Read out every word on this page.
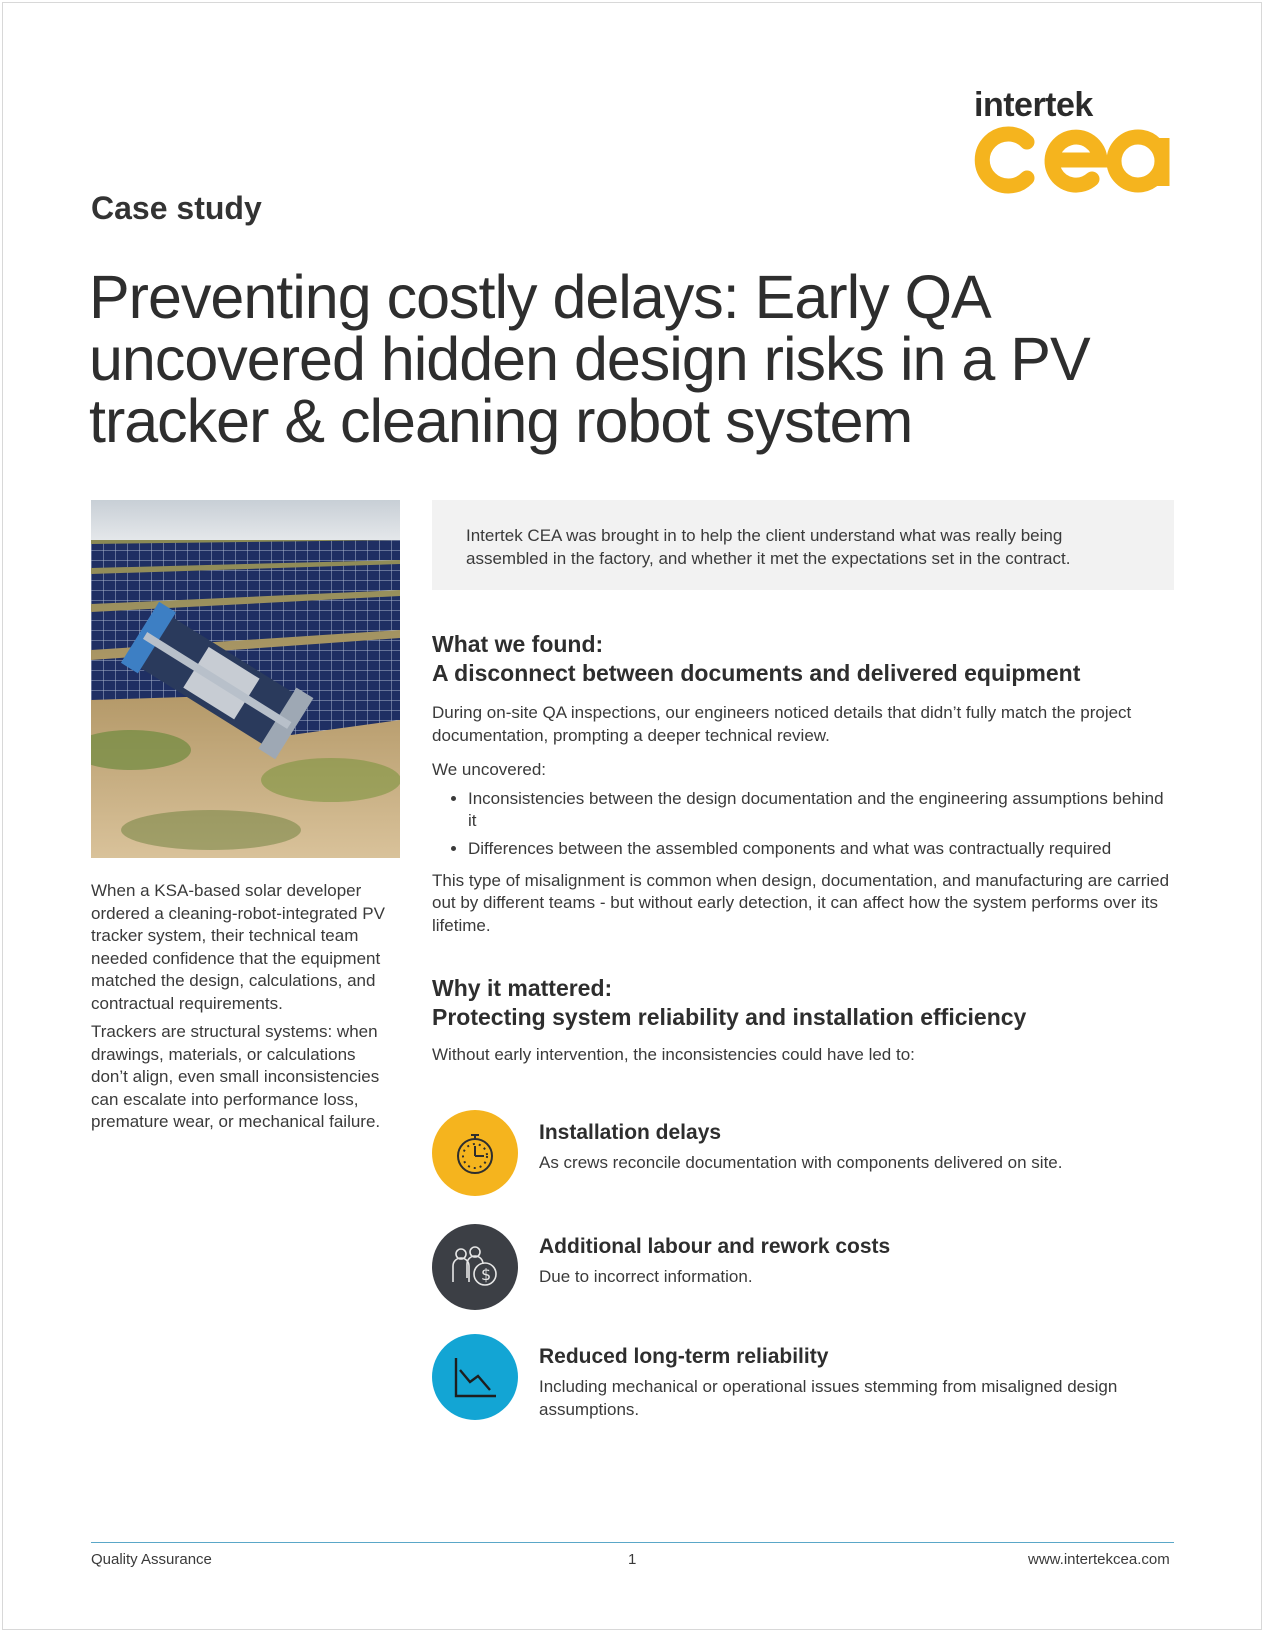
intertek
Case study
Preventing costly delays: Early QA uncovered hidden design risks in a PV tracker & cleaning robot system

When a KSA-based solar developer ordered a cleaning-robot-integrated PV tracker system, their technical team needed confidence that the equipment matched the design, calculations, and contractual requirements.

Trackers are structural systems: when drawings, materials, or calculations don’t align, even small inconsistencies can escalate into performance loss, premature wear, or mechanical failure.

Intertek CEA was brought in to help the client understand what was really being assembled in the factory, and whether it met the expectations set in the contract.
What we found:
A disconnect between documents and delivered equipment

During on-site QA inspections, our engineers noticed details that didn’t fully match the project documentation, prompting a deeper technical review.

We uncovered:

• Inconsistencies between the design documentation and the engineering assumptions behind it
• Differences between the assembled components and what was contractually required

This type of misalignment is common when design, documentation, and manufacturing are carried out by different teams - but without early detection, it can affect how the system performs over its lifetime.

Why it mattered:
Protecting system reliability and installation efficiency

Without early intervention, the inconsistencies could have led to:

Installation delays

As crews reconcile documentation with components delivered on site.

$
Additional labour and rework costs

Due to incorrect information.

Reduced long-term reliability

Including mechanical or operational issues stemming from misaligned design assumptions.

Quality Assurance	1	www.intertekcea.com
